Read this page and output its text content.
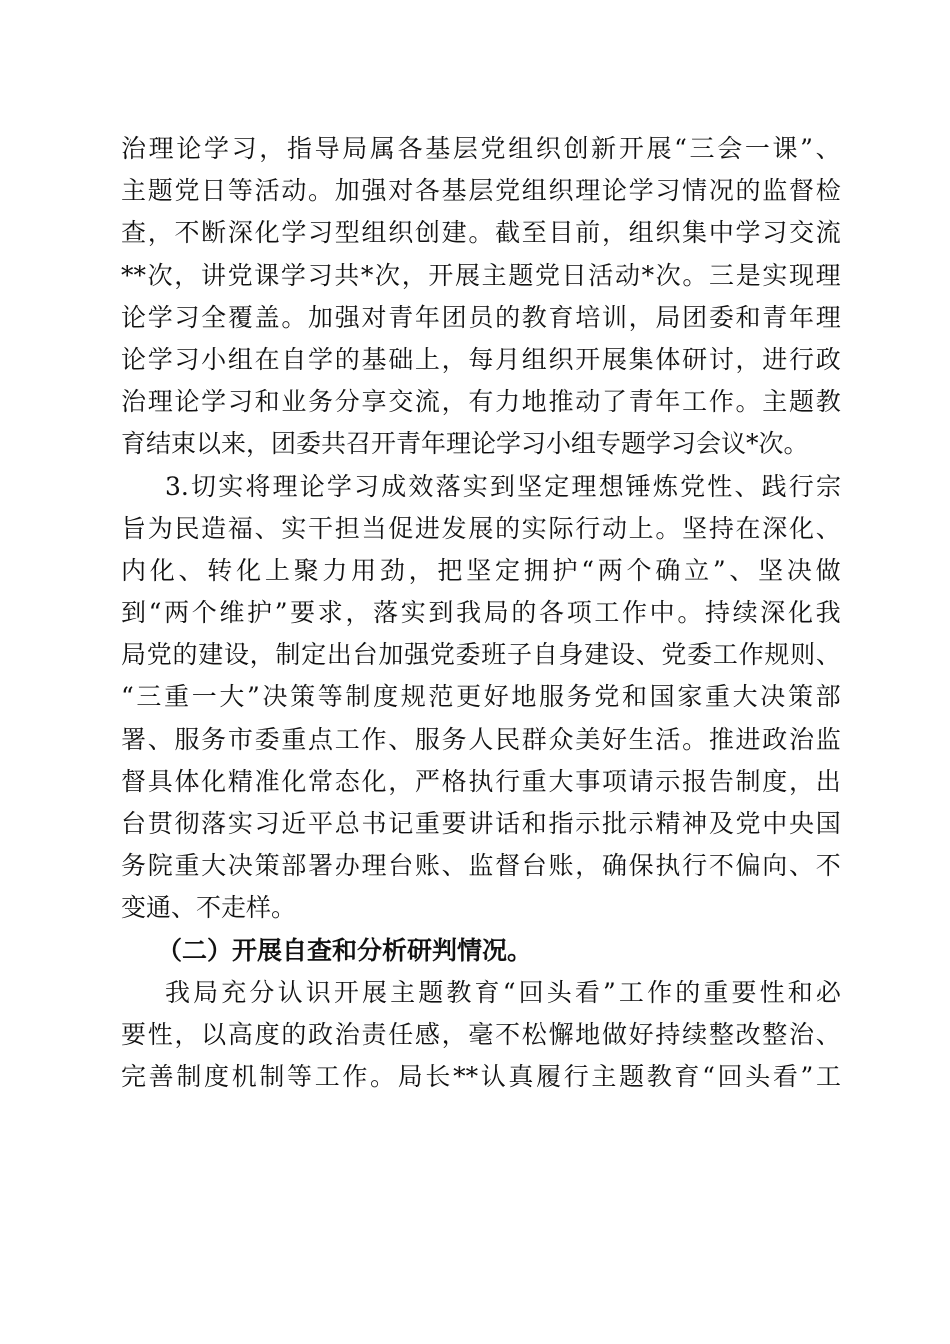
治 理 论 学 习 ， 指 导 局 属 各 基 层 党 组 织 创 新 开 展 “ 三 会 一 课 ” 、
主 题 党 日 等 活 动 。 加 强 对 各 基 层 党 组 织 理 论 学 习 情 况 的 监 督 检
查 ， 不 断 深 化 学 习 型 组 织 创 建 。 截 至 目 前 ， 组 织 集 中 学 习 交 流
** 次 ， 讲 党 课 学 习 共 * 次 ， 开 展 主 题 党 日 活 动 * 次 。 三 是 实 现 理
论 学 习 全 覆 盖 。 加 强 对 青 年 团 员 的 教 育 培 训 ， 局 团 委 和 青 年 理
论 学 习 小 组 在 自 学 的 基 础 上 ， 每 月 组 织 开 展 集 体 研 讨 ， 进 行 政
治 理 论 学 习 和 业 务 分 享 交 流 ， 有 力 地 推 动 了 青 年 工 作 。 主 题 教
育结束以来，团委共召开青年理论学习小组专题学习会议*次。
3. 切 实 将 理 论 学 习 成 效 落 实 到 坚 定 理 想 锤 炼 党 性 、 践 行 宗
旨 为 民 造 福 、 实 干 担 当 促 进 发 展 的 实 际 行 动 上 。 坚 持 在 深 化 、
内 化 、 转 化 上 聚 力 用 劲 ， 把 坚 定 拥 护 “ 两 个 确 立 ” 、 坚 决 做
到 “ 两 个 维 护 ” 要 求 ， 落 实 到 我 局 的 各 项 工 作 中 。 持 续 深 化 我
局 党 的 建 设 ， 制 定 出 台 加 强 党 委 班 子 自 身 建 设 、 党 委 工 作 规 则 、
“ 三 重 一 大 ” 决 策 等 制 度 规 范 更 好 地 服 务 党 和 国 家 重 大 决 策 部
署 、 服 务 市 委 重 点 工 作 、 服 务 人 民 群 众 美 好 生 活 。 推 进 政 治 监
督 具 体 化 精 准 化 常 态 化 ， 严 格 执 行 重 大 事 项 请 示 报 告 制 度 ， 出
台 贯 彻 落 实 习 近 平 总 书 记 重 要 讲 话 和 指 示 批 示 精 神 及 党 中 央 国
务 院 重 大 决 策 部 署 办 理 台 账 、 监 督 台 账 ， 确 保 执 行 不 偏 向 、 不
变通、不走样。
（二）开展自查和分析研判情况。
我 局 充 分 认 识 开 展 主 题 教 育 “ 回 头 看 ” 工 作 的 重 要 性 和 必
要 性 ， 以 高 度 的 政 治 责 任 感 ， 毫 不 松 懈 地 做 好 持 续 整 改 整 治 、
完 善 制 度 机 制 等 工 作 。 局 长 ** 认 真 履 行 主 题 教 育 “ 回 头 看 ” 工
